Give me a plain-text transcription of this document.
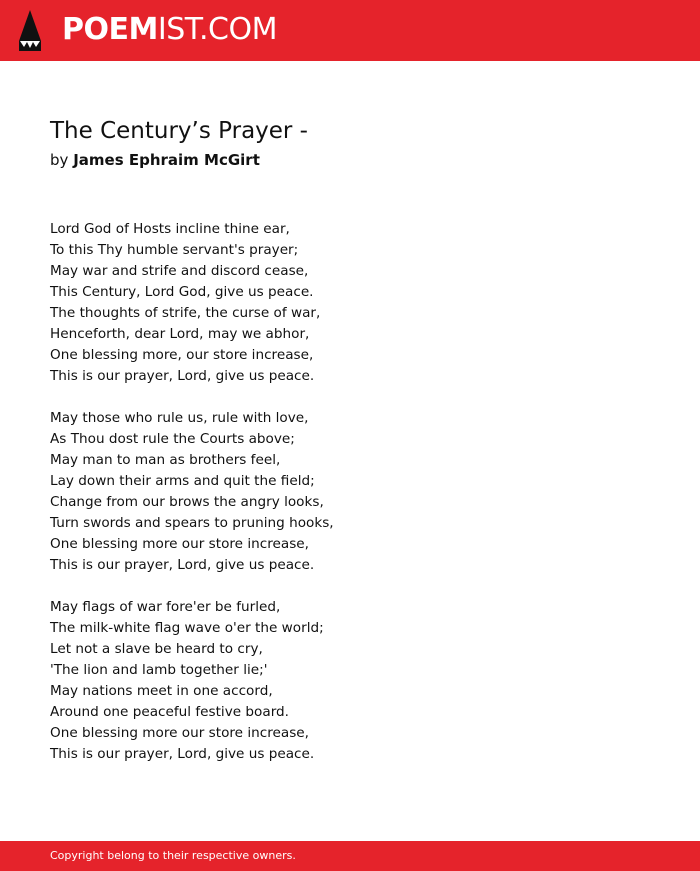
POEMIST.COM
The Century’s Prayer -
by James Ephraim McGirt
Lord God of Hosts incline thine ear,
To this Thy humble servant's prayer;
May war and strife and discord cease,
This Century, Lord God, give us peace.
The thoughts of strife, the curse of war,
Henceforth, dear Lord, may we abhor,
One blessing more, our store increase,
This is our prayer, Lord, give us peace.
May those who rule us, rule with love,
As Thou dost rule the Courts above;
May man to man as brothers feel,
Lay down their arms and quit the field;
Change from our brows the angry looks,
Turn swords and spears to pruning hooks,
One blessing more our store increase,
This is our prayer, Lord, give us peace.
May flags of war fore'er be furled,
The milk-white flag wave o'er the world;
Let not a slave be heard to cry,
'The lion and lamb together lie;'
May nations meet in one accord,
Around one peaceful festive board.
One blessing more our store increase,
This is our prayer, Lord, give us peace.
Copyright belong to their respective owners.
